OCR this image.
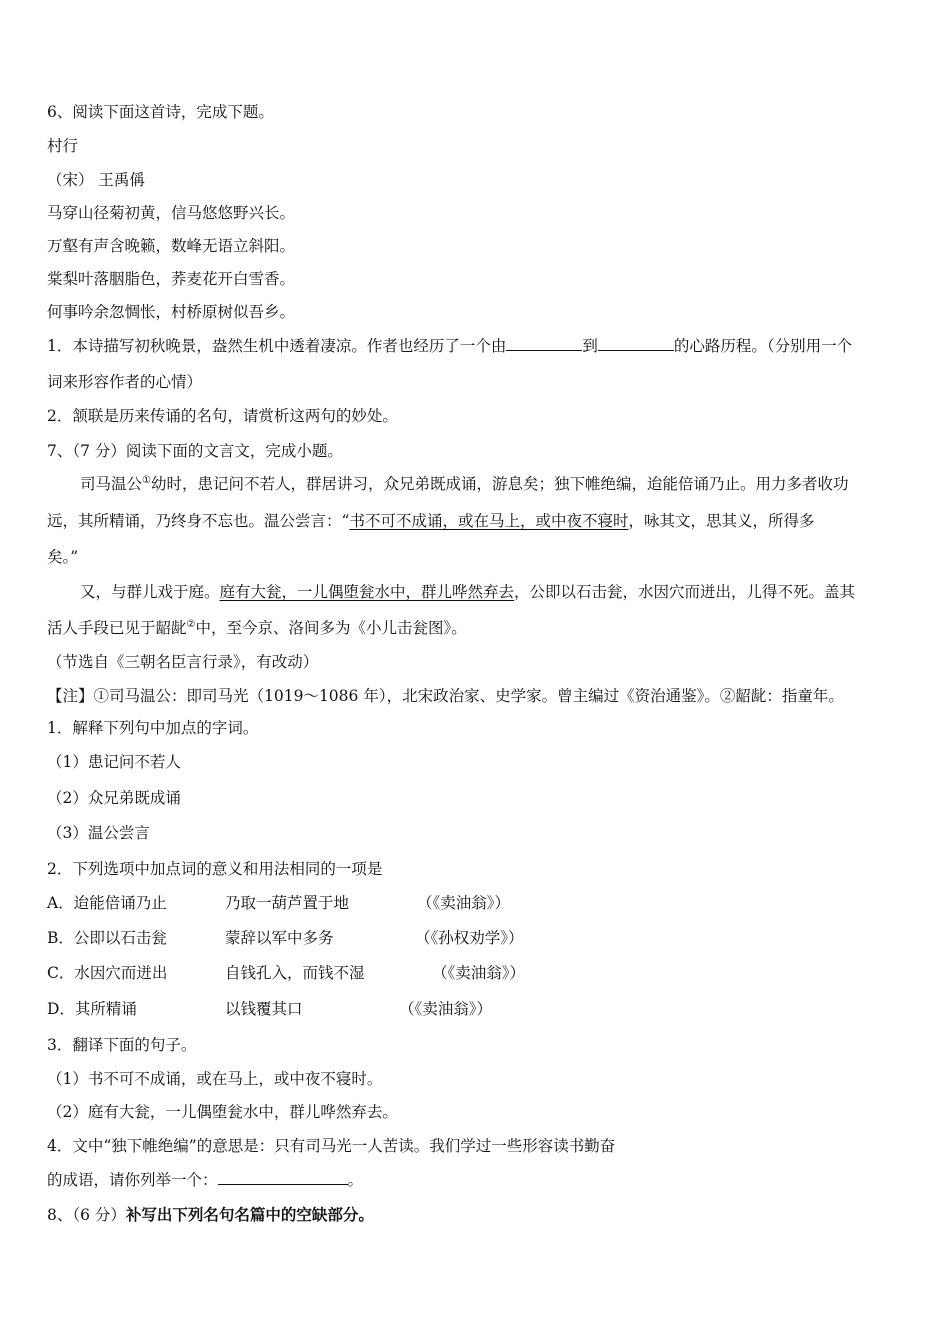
6、阅读下面这首诗，完成下题。
村行
（宋） 王禹偁
马穿山径菊初黄，信马悠悠野兴长。
万壑有声含晚籁，数峰无语立斜阳。
棠梨叶落胭脂色，荞麦花开白雪香。
何事吟余忽惆怅，村桥原树似吾乡。
1．本诗描写初秋晚景，盎然生机中透着凄凉。作者也经历了一个由	到	的心路历程。（分别用一个
词来形容作者的心情）
2．颔联是历来传诵的名句，请赏析这两句的妙处。
7、（7 分）阅读下面的文言文，完成小题。
司马温公①幼时，患记问不若人，群居讲习，众兄弟既成诵，游息矣；独下帷绝编，迨能倍诵乃止。用力多者收功
远，其所精诵，乃终身不忘也。温公尝言：“书不可不成诵，或在马上，或中夜不寝时，咏其文，思其义，所得多
矣。”
又，与群儿戏于庭。庭有大瓮，一儿偶堕瓮水中，群儿哗然弃去，公即以石击瓮，水因穴而迸出，儿得不死。盖其
活人手段已见于龆龀②中，至今京、洛间多为《小儿击瓮图》。
（节选自《三朝名臣言行录》，有改动）
【注】①司马温公：即司马光（1019～1086 年），北宋政治家、史学家。曾主编过《资治通鉴》。②龆龀：指童年。
1．解释下列句中加点的字词。
（1）患记问不若人
（2）众兄弟既成诵
（3）温公尝言
2．下列选项中加点词的意义和用法相同的一项是
A．迨能倍诵乃止	乃取一葫芦置于地	（《卖油翁》）
B．公即以石击瓮	蒙辞以军中多务	（《孙权劝学》）
C．水因穴而迸出	自钱孔入，而钱不湿	（《卖油翁》）
D．其所精诵	以钱覆其口	（《卖油翁》）
3．翻译下面的句子。
（1）书不可不成诵，或在马上，或中夜不寝时。
（2）庭有大瓮，一儿偶堕瓮水中，群儿哗然弃去。
4．文中“独下帷绝编”的意思是：只有司马光一人苦读。我们学过一些形容读书勤奋
的成语，请你列举一个：	。
8、（6 分）补写出下列名句名篇中的空缺部分。
